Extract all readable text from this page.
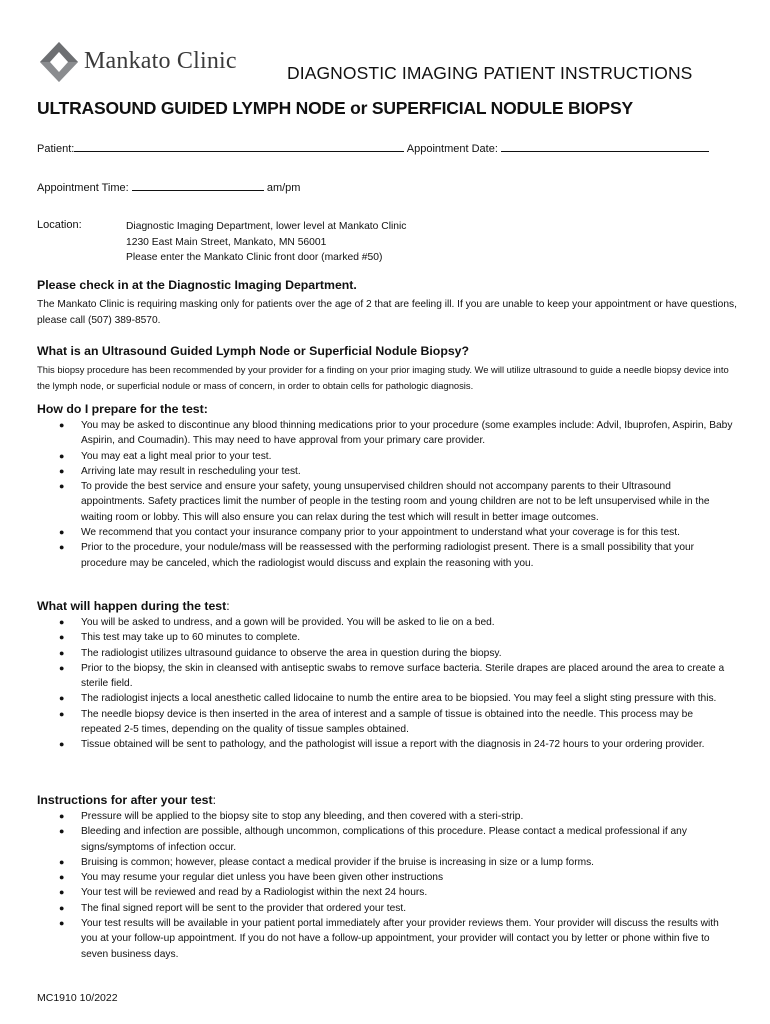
Mankato Clinic	DIAGNOSTIC IMAGING PATIENT INSTRUCTIONS
ULTRASOUND GUIDED LYMPH NODE or SUPERFICIAL NODULE BIOPSY
Patient:	Appointment Date:
Appointment Time:	am/pm
Location:	Diagnostic Imaging Department, lower level at Mankato Clinic
1230 East Main Street, Mankato, MN 56001
Please enter the Mankato Clinic front door (marked #50)
Please check in at the Diagnostic Imaging Department.
The Mankato Clinic is requiring masking only for patients over the age of 2 that are feeling ill. If you are unable to keep your appointment or have questions, please call (507) 389-8570.
What is an Ultrasound Guided Lymph Node or Superficial Nodule Biopsy?
This biopsy procedure has been recommended by your provider for a finding on your prior imaging study. We will utilize ultrasound to guide a needle biopsy device into the lymph node, or superficial nodule or mass of concern, in order to obtain cells for pathologic diagnosis.
How do I prepare for the test:
● You may be asked to discontinue any blood thinning medications prior to your procedure (some examples include: Advil, Ibuprofen, Aspirin, Baby Aspirin, and Coumadin). This may need to have approval from your primary care provider.
● You may eat a light meal prior to your test.
● Arriving late may result in rescheduling your test.
● To provide the best service and ensure your safety, young unsupervised children should not accompany parents to their Ultrasound appointments. Safety practices limit the number of people in the testing room and young children are not to be left unsupervised while in the waiting room or lobby. This will also ensure you can relax during the test which will result in better image outcomes.
● We recommend that you contact your insurance company prior to your appointment to understand what your coverage is for this test.
● Prior to the procedure, your nodule/mass will be reassessed with the performing radiologist present. There is a small possibility that your procedure may be canceled, which the radiologist would discuss and explain the reasoning with you.
What will happen during the test:
● You will be asked to undress, and a gown will be provided. You will be asked to lie on a bed.
● This test may take up to 60 minutes to complete.
● The radiologist utilizes ultrasound guidance to observe the area in question during the biopsy.
● Prior to the biopsy, the skin in cleansed with antiseptic swabs to remove surface bacteria. Sterile drapes are placed around the area to create a sterile field.
● The radiologist injects a local anesthetic called lidocaine to numb the entire area to be biopsied. You may feel a slight sting pressure with this.
● The needle biopsy device is then inserted in the area of interest and a sample of tissue is obtained into the needle. This process may be repeated 2-5 times, depending on the quality of tissue samples obtained.
● Tissue obtained will be sent to pathology, and the pathologist will issue a report with the diagnosis in 24-72 hours to your ordering provider.
Instructions for after your test:
● Pressure will be applied to the biopsy site to stop any bleeding, and then covered with a steri-strip.
● Bleeding and infection are possible, although uncommon, complications of this procedure. Please contact a medical professional if any signs/symptoms of infection occur.
● Bruising is common; however, please contact a medical provider if the bruise is increasing in size or a lump forms.
● You may resume your regular diet unless you have been given other instructions
● Your test will be reviewed and read by a Radiologist within the next 24 hours.
● The final signed report will be sent to the provider that ordered your test.
● Your test results will be available in your patient portal immediately after your provider reviews them. Your provider will discuss the results with you at your follow-up appointment. If you do not have a follow-up appointment, your provider will contact you by letter or phone within five to seven business days.
MC1910 10/2022
